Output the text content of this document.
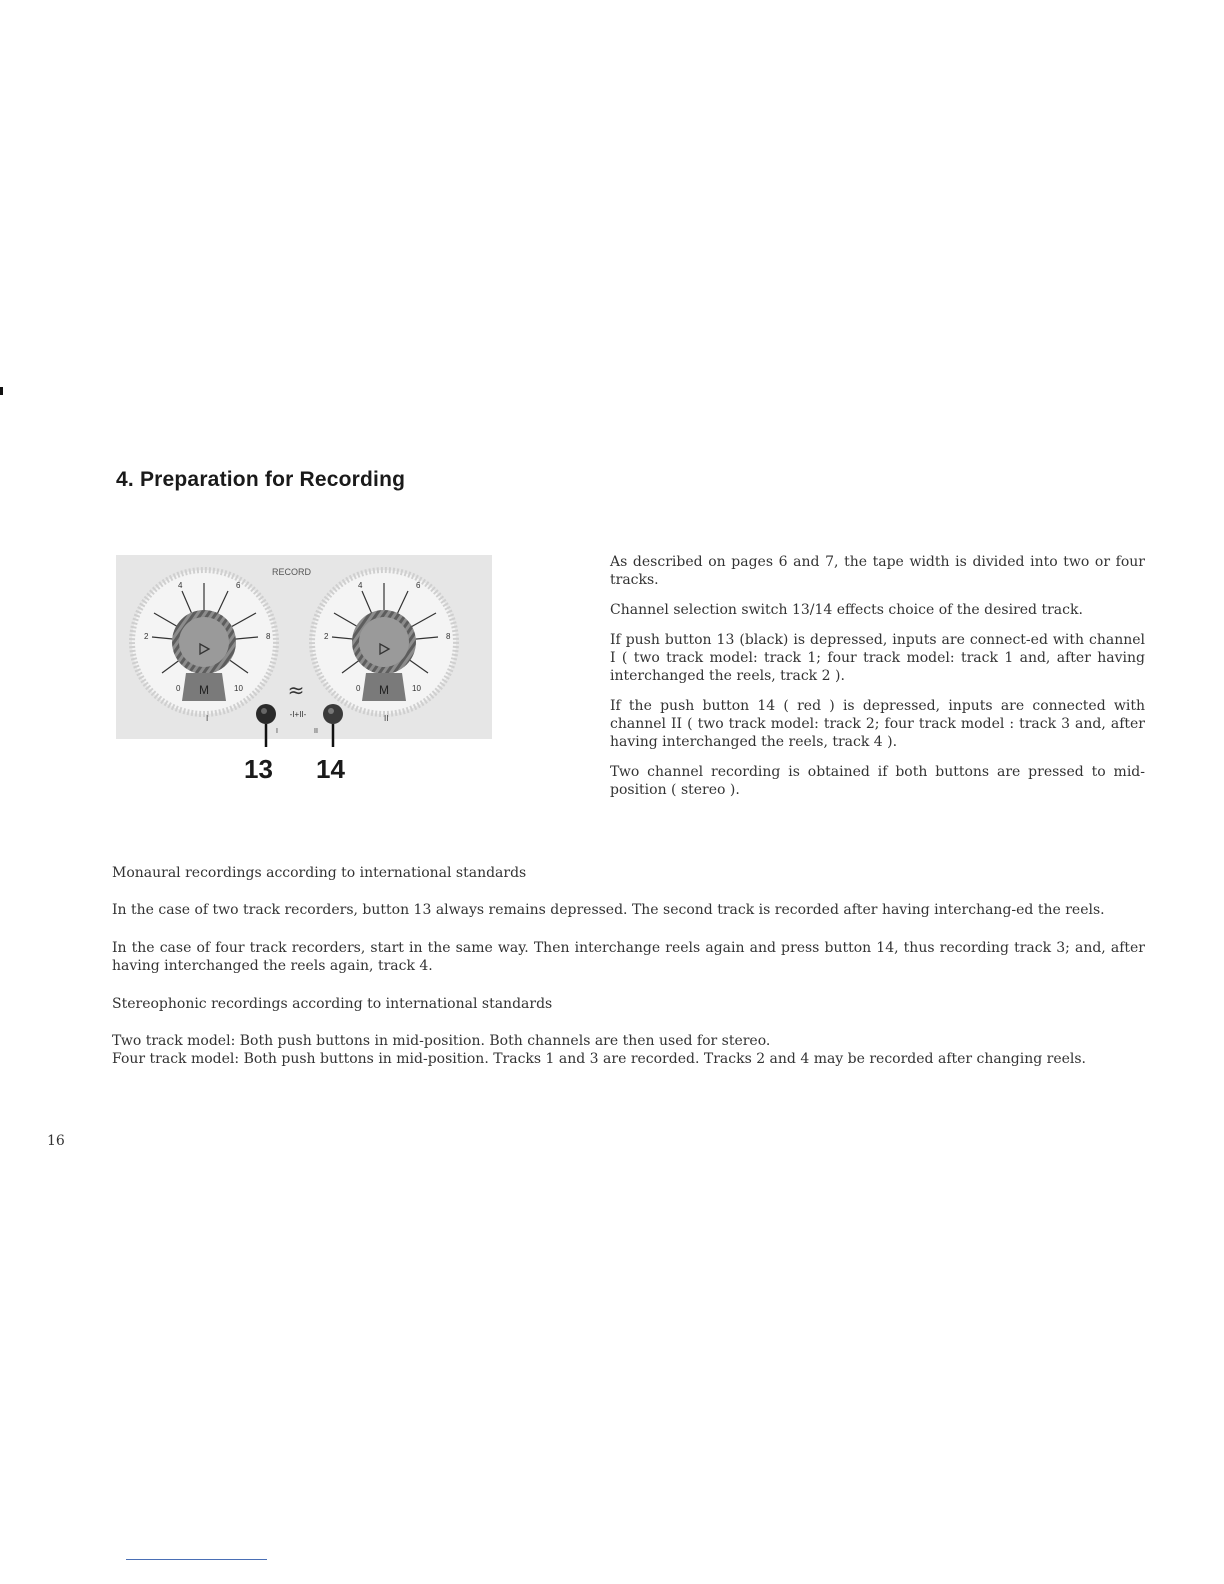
4. Preparation for Recording
RECORD
M
4	6
2	8
0	10
I
M
4	6
2	8
0	10
II
≈
-I+II-
I	II
13 14

As described on pages 6 and 7, the tape width is divided into two or four tracks.

Channel selection switch 13/14 effects choice of the desired track.

If push button 13 (black) is depressed, inputs are connect-ed with channel I ( two track model: track 1; four track model: track 1 and, after having interchanged the reels, track 2 ).

If the push button 14 ( red ) is depressed, inputs are connected with channel II ( two track model: track 2; four track model : track 3 and, after having interchanged the reels, track 4 ).

Two channel recording is obtained if both buttons are pressed to mid-position ( stereo ).

Monaural recordings according to international standards

In the case of two track recorders, button 13 always remains depressed. The second track is recorded after having interchang-ed the reels.

In the case of four track recorders, start in the same way. Then interchange reels again and press button 14, thus recording track 3; and, after having interchanged the reels again, track 4.

Stereophonic recordings according to international standards

Two track model: Both push buttons in mid-position. Both channels are then used for stereo.

Four track model: Both push buttons in mid-position. Tracks 1 and 3 are recorded. Tracks 2 and 4 may be recorded after changing reels.

16
